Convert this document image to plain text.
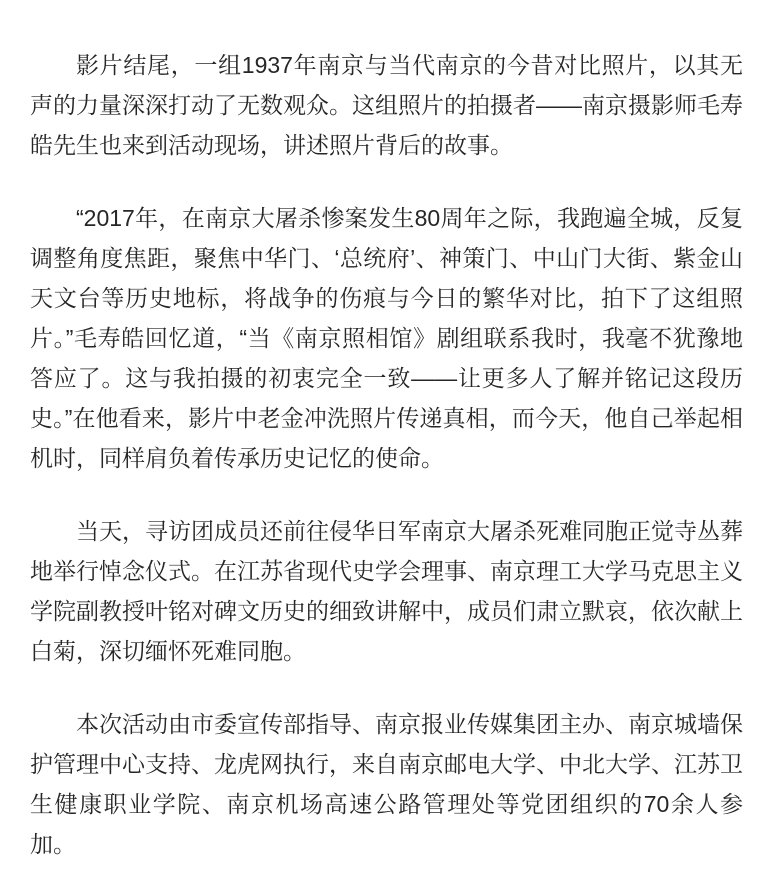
影片结尾，一组1937年南京与当代南京的今昔对比照片，以其无声的力量深深打动了无数观众。这组照片的拍摄者——南京摄影师毛寿皓先生也来到活动现场，讲述照片背后的故事。

“2017年，在南京大屠杀惨案发生80周年之际，我跑遍全城，反复调整角度焦距，聚焦中华门、‘总统府’、神策门、中山门大街、紫金山天文台等历史地标，将战争的伤痕与今日的繁华对比，拍下了这组照片。”毛寿皓回忆道，“当《南京照相馆》剧组联系我时，我毫不犹豫地答应了。这与我拍摄的初衷完全一致——让更多人了解并铭记这段历史。”在他看来，影片中老金冲洗照片传递真相，而今天，他自己举起相机时，同样肩负着传承历史记忆的使命。

当天，寻访团成员还前往侵华日军南京大屠杀死难同胞正觉寺丛葬地举行悼念仪式。在江苏省现代史学会理事、南京理工大学马克思主义学院副教授叶铭对碑文历史的细致讲解中，成员们肃立默哀，依次献上白菊，深切缅怀死难同胞。

本次活动由市委宣传部指导、南京报业传媒集团主办、南京城墙保护管理中心支持、龙虎网执行，来自南京邮电大学、中北大学、江苏卫生健康职业学院、南京机场高速公路管理处等党团组织的70余人参加。
